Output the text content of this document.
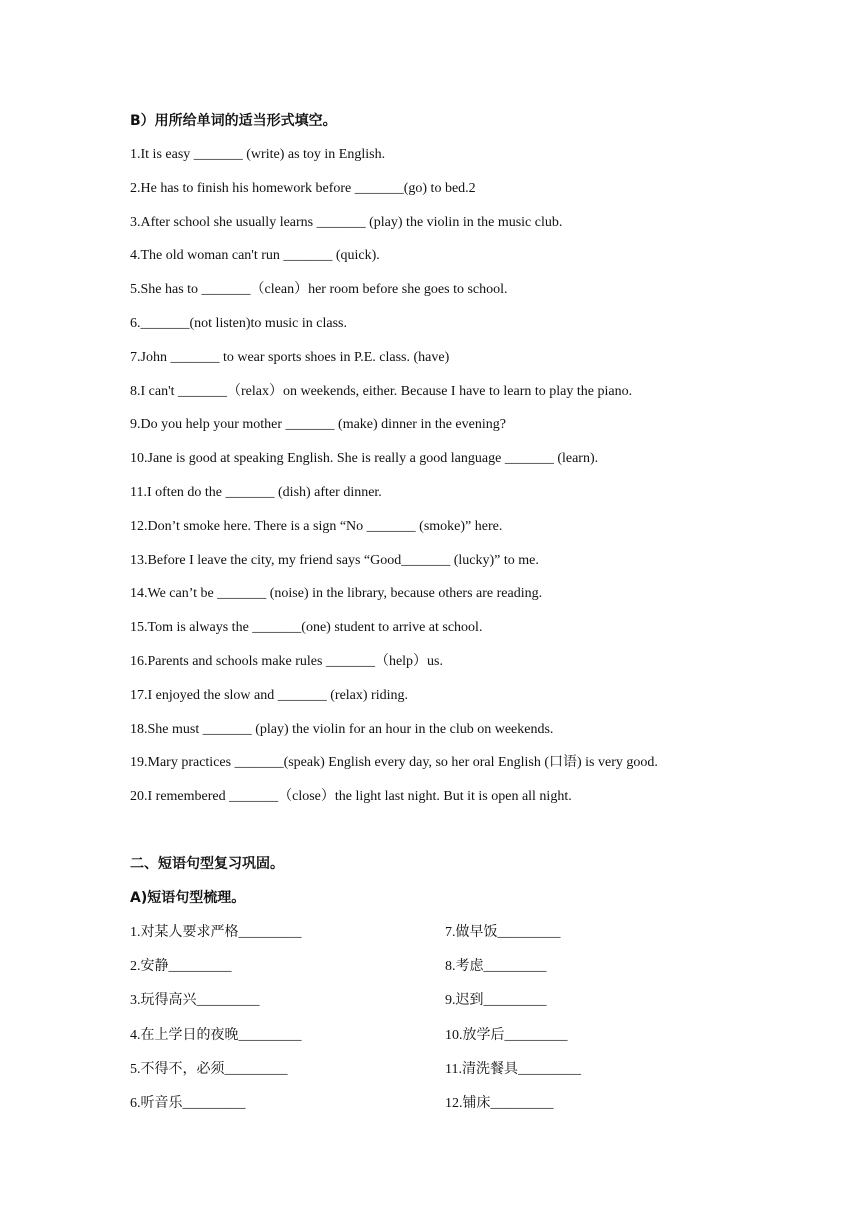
B）用所给单词的适当形式填空。
1.It is easy _______ (write) as toy in English.
2.He has to finish his homework before _______(go) to bed.2
3.After school she usually learns _______ (play) the violin in the music club.
4.The old woman can't run _______ (quick).
5.She has to _______（clean）her room before she goes to school.
6._______(not listen)to music in class.
7.John _______ to wear sports shoes in P.E. class. (have)
8.I can't _______（relax）on weekends, either. Because I have to learn to play the piano.
9.Do you help your mother _______ (make) dinner in the evening?
10.Jane is good at speaking English. She is really a good language _______ (learn).
11.I often do the _______ (dish) after dinner.
12.Don’t smoke here. There is a sign “No _______ (smoke)” here.
13.Before I leave the city, my friend says “Good_______ (lucky)” to me.
14.We can’t be _______ (noise) in the library, because others are reading.
15.Tom is always the _______(one) student to arrive at school.
16.Parents and schools make rules _______（help）us.
17.I enjoyed the slow and _______ (relax) riding.
18.She must _______ (play) the violin for an hour in the club on weekends.
19.Mary practices _______(speak) English every day, so her oral English (口语) is very good.
20.I remembered _______（close）the light last night. But it is open all night.
二、短语句型复习巩固。
A)短语句型梳理。
1.对某人要求严格_________	7.做早饭_________
2.安静_________	8.考虑_________
3.玩得高兴_________	9.迟到_________
4.在上学日的夜晚_________	10.放学后_________
5.不得不，必须_________	11.清洗餐具_________
6.听音乐_________	12.铺床_________
